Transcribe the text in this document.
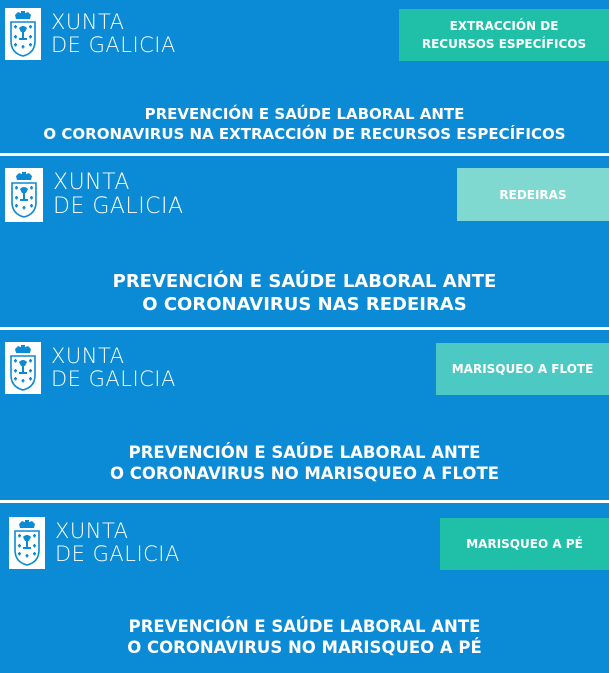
XUNTA
DE GALICIA
EXTRACCIÓN DE RECURSOS ESPECÍFICOS
PREVENCIÓN E SAÚDE LABORAL ANTE
O CORONAVIRUS NA EXTRACCIÓN DE RECURSOS ESPECÍFICOS
XUNTA
DE GALICIA	REDEIRAS
PREVENCIÓN E SAÚDE LABORAL ANTE
O CORONAVIRUS NAS REDEIRAS
XUNTA
DE GALICIA	MARISQUEO A FLOTE
PREVENCIÓN E SAÚDE LABORAL ANTE
O CORONAVIRUS NO MARISQUEO A FLOTE
XUNTA
DE GALICIA	MARISQUEO A PÉ
PREVENCIÓN E SAÚDE LABORAL ANTE
O CORONAVIRUS NO MARISQUEO A PÉ
